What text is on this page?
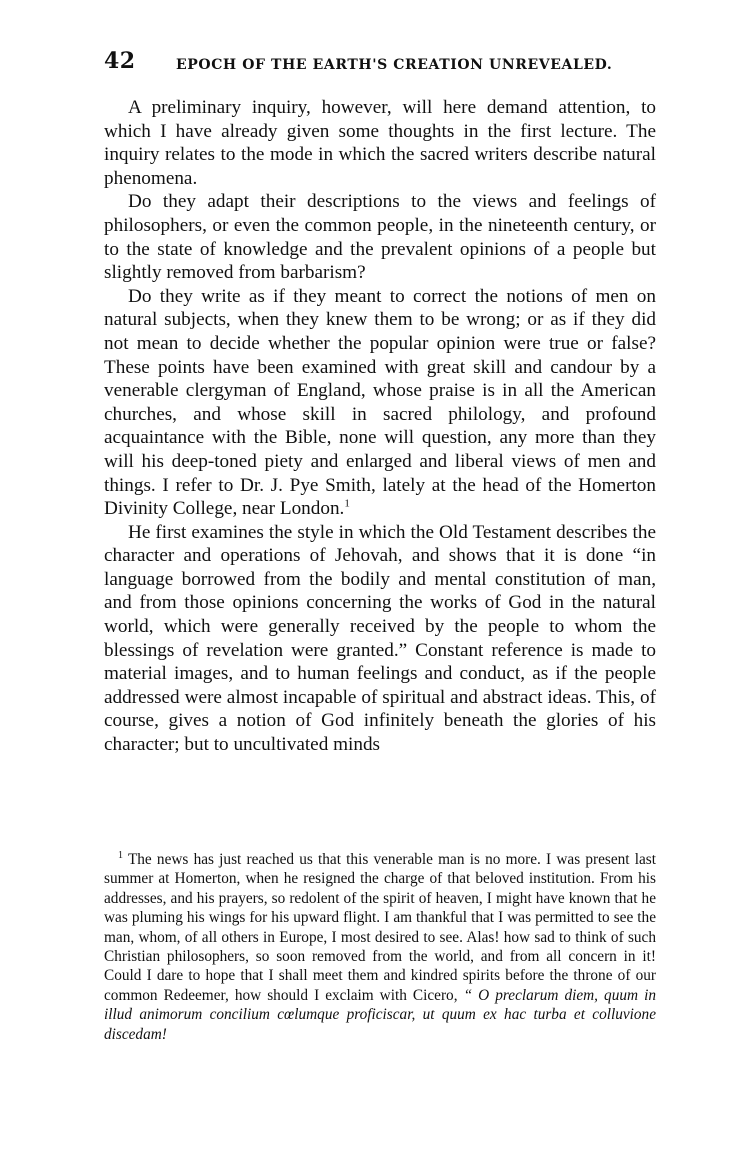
42	EPOCH OF THE EARTH'S CREATION UNREVEALED.

A preliminary inquiry, however, will here demand attention, to which I have already given some thoughts in the first lecture. The inquiry relates to the mode in which the sacred writers describe natural phenomena.

Do they adapt their descriptions to the views and feelings of philosophers, or even the common people, in the nineteenth century, or to the state of knowledge and the prevalent opinions of a people but slightly removed from barbarism?

Do they write as if they meant to correct the notions of men on natural subjects, when they knew them to be wrong; or as if they did not mean to decide whether the popular opinion were true or false? These points have been examined with great skill and candour by a venerable clergyman of England, whose praise is in all the American churches, and whose skill in sacred philology, and profound acquaintance with the Bible, none will question, any more than they will his deep-toned piety and enlarged and liberal views of men and things. I refer to Dr. J. Pye Smith, lately at the head of the Homerton Divinity College, near London.$^1$

He first examines the style in which the Old Testament describes the character and operations of Jehovah, and shows that it is done “in language borrowed from the bodily and mental constitution of man, and from those opinions concerning the works of God in the natural world, which were generally received by the people to whom the blessings of revelation were granted.” Constant reference is made to material images, and to human feelings and conduct, as if the people addressed were almost incapable of spiritual and abstract ideas. This, of course, gives a notion of God infinitely beneath the glories of his character; but to uncultivated minds

$^1$ The news has just reached us that this venerable man is no more. I was present last summer at Homerton, when he resigned the charge of that beloved institution. From his addresses, and his prayers, so redolent of the spirit of heaven, I might have known that he was pluming his wings for his upward flight. I am thankful that I was permitted to see the man, whom, of all others in Europe, I most desired to see. Alas! how sad to think of such Christian philosophers, so soon removed from the world, and from all concern in it! Could I dare to hope that I shall meet them and kindred spirits before the throne of our common Redeemer, how should I exclaim with Cicero, “ O preclarum diem, quum in illud animorum concilium cœlumque proficiscar, ut quum ex hac turba et colluvione discedam!
